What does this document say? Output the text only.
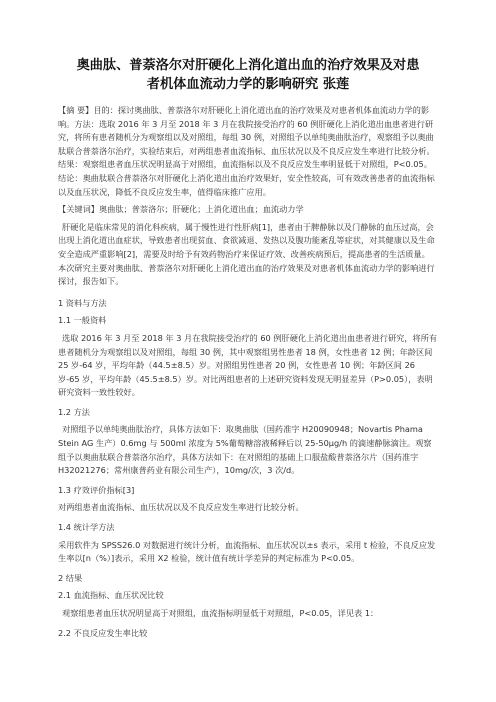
奥曲肽、普萘洛尔对肝硬化上消化道出血的治疗效果及对患
者机体血流动力学的影响研究 张莲

【摘 要】目的：探讨奥曲肽、普萘洛尔对肝硬化上消化道出血的治疗效果及对患者机体血流动力学的影响。方法：选取 2016 年 3 月至 2018 年 3 月在我院接受治疗的 60 例肝硬化上消化道出血患者进行研究，将所有患者随机分为观察组以及对照组，每组 30 例，对照组予以单纯奥曲肽治疗，观察组予以奥曲肽联合普萘洛尔治疗，实验结束后，对两组患者血流指标、血压状况以及不良反应发生率进行比较分析。结果：观察组患者血压状况明显高于对照组，血流指标以及不良反应发生率明显低于对照组，P<0.05。结论：奥曲肽联合普萘洛尔对肝硬化上消化道出血治疗效果好，安全性较高，可有效改善患者的血流指标以及血压状况，降低不良反应发生率，值得临床推广应用。

【关键词】奥曲肽；普萘洛尔；肝硬化；上消化道出血；血流动力学

肝硬化是临床常见的消化科疾病，属于慢性进行性肝病[1]，患者由于脾静脉以及门静脉的血压过高，会出现上消化道出血症状，导致患者出现贫血、食欲减退、发热以及腹功能紊乱等症状，对其健康以及生命安全造成严重影响[2]，需要及时给予有效药物治疗来保证疗效、改善疾病预后，提高患者的生活质量。本次研究主要对奥曲肽、普萘洛尔对肝硬化上消化道出血的治疗效果及对患者机体血流动力学的影响进行探讨，报告如下。

1 资料与方法
1.1 一般资料

选取 2016 年 3 月至 2018 年 3 月在我院接受治疗的 60 例肝硬化上消化道出血患者进行研究，将所有患者随机分为观察组以及对照组，每组 30 例，其中观察组男性患者 18 例，女性患者 12 例；年龄区间 25 岁-64 岁，平均年龄（44.5±8.5）岁。对照组男性患者 20 例，女性患者 10 例；年龄区间 26 岁-65 岁，平均年龄（45.5±8.5）岁。对比两组患者的上述研究资料发现无明显差异（P>0.05），表明研究资料一致性较好。

1.2 方法

对照组予以单纯奥曲肽治疗，具体方法如下：取奥曲肽（国药准字 H20090948；Novartis Phama Stein AG 生产）0.6mg 与 500ml 浓度为 5%葡萄糖溶液稀释后以 25-50μg/h 的滴速静脉滴注。观察组予以奥曲肽联合普萘洛尔治疗，具体方法如下：在对照组的基础上口服盐酸普萘洛尔片（国药准字 H32021276；常州康普药业有限公司生产），10mg/次，3 次/d。

1.3 疗效评价指标[3]

对两组患者血流指标、血压状况以及不良反应发生率进行比较分析。

1.4 统计学方法

采用软件为 SPSS26.0 对数据进行统计分析，血流指标、血压状况以±s 表示，采用 t 检验，不良反应发生率以[n（%）]表示，采用 X2 检验，统计值有统计学差异的判定标准为 P<0.05。

2 结果
2.1 血流指标、血压状况比较

观察组患者血压状况明显高于对照组，血流指标明显低于对照组，P<0.05，详见表 1：

2.2 不良反应发生率比较
